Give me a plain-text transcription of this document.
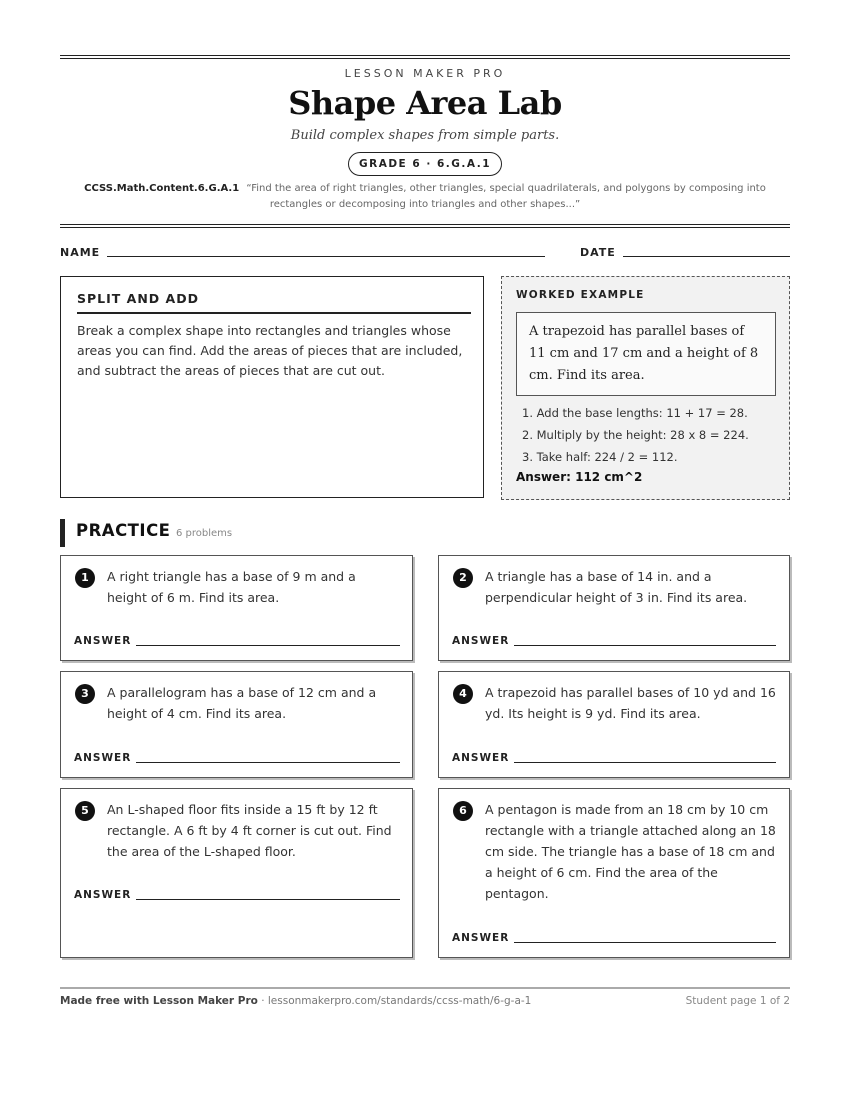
LESSON MAKER PRO
Shape Area Lab
Build complex shapes from simple parts.
GRADE 6 · 6.G.A.1
CCSS.Math.Content.6.G.A.1 “Find the area of right triangles, other triangles, special quadrilaterals, and polygons by composing into rectangles or decomposing into triangles and other shapes...”
NAME	DATE
SPLIT AND ADD
Break a complex shape into rectangles and triangles whose areas you can find. Add the areas of pieces that are included, and subtract the areas of pieces that are cut out.
WORKED EXAMPLE
A trapezoid has parallel bases of 11 cm and 17 cm and a height of 8 cm. Find its area.
1. Add the base lengths: 11 + 17 = 28.
2. Multiply by the height: 28 x 8 = 224.
3. Take half: 224 / 2 = 112.
Answer: 112 cm^2
PRACTICE 6 problems
1	A right triangle has a base of 9 m and a height of 6 m. Find its area.
ANSWER
2	A triangle has a base of 14 in. and a perpendicular height of 3 in. Find its area.
ANSWER
3	A parallelogram has a base of 12 cm and a height of 4 cm. Find its area.
ANSWER
4	A trapezoid has parallel bases of 10 yd and 16 yd. Its height is 9 yd. Find its area.
ANSWER
5	An L-shaped floor fits inside a 15 ft by 12 ft rectangle. A 6 ft by 4 ft corner is cut out. Find the area of the L-shaped floor.
ANSWER
6	A pentagon is made from an 18 cm by 10 cm rectangle with a triangle attached along an 18 cm side. The triangle has a base of 18 cm and a height of 6 cm. Find the area of the pentagon.
ANSWER
Made free with Lesson Maker Pro · lessonmakerpro.com/standards/ccss-math/6-g-a-1	Student page 1 of 2
